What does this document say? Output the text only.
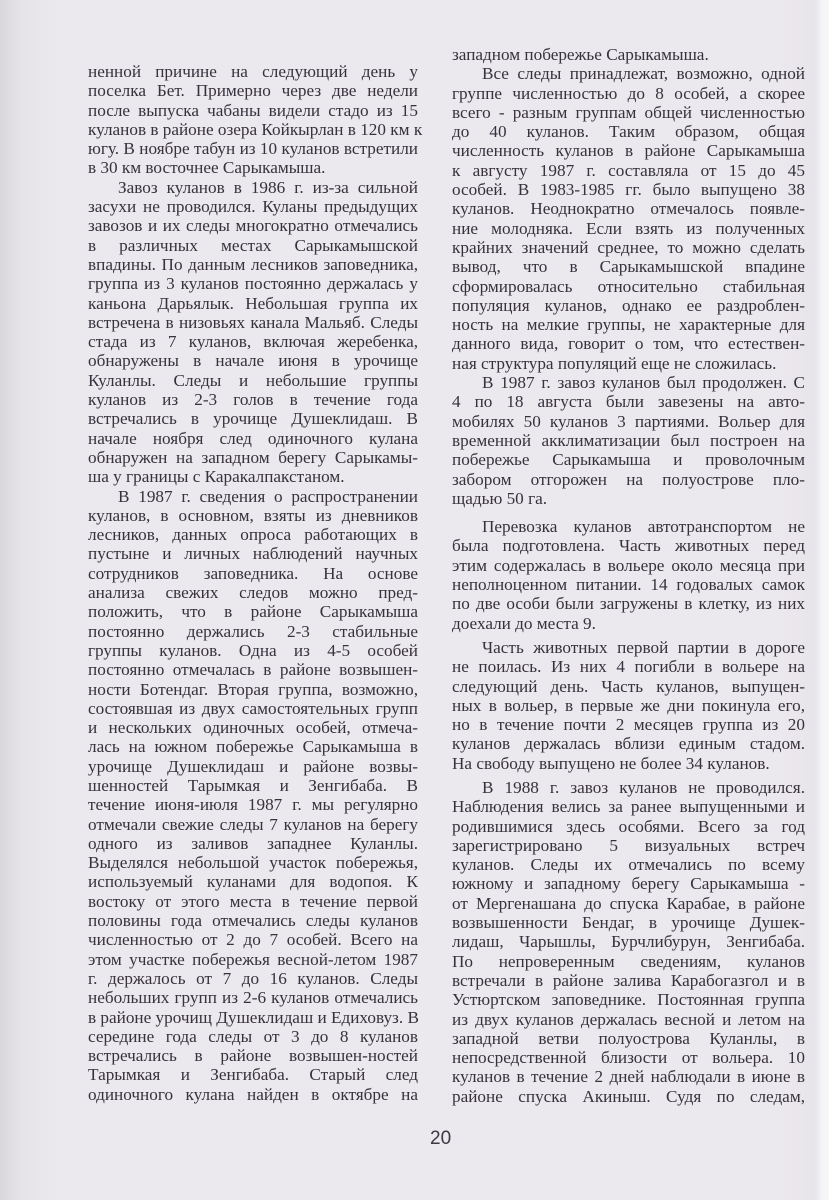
ненной причине на следующий день у
поселка Бет. Примерно через две недели
после выпуска чабаны видели стадо из 15
куланов в районе озера Койкырлан в 120 км к
югу. В ноябре табун из 10 куланов встретили
в 30 км восточнее Сарыкамыша.
Завоз куланов в 1986 г. из-за сильной
засухи не проводился. Куланы предыдущих
завозов и их следы многократно отмечались
в различных местах Сарыкамышской
впадины. По данным лесников заповедника,
группа из 3 куланов постоянно держалась у
каньона Дарьялык. Небольшая группа их
встречена в низовьях канала Мальяб. Следы
стада из 7 куланов, включая жеребенка,
обнаружены в начале июня в урочище
Куланлы. Следы и небольшие группы
куланов из 2-3 голов в течение года
встречались в урочище Душеклидаш. В
начале ноября след одиночного кулана
обнаружен на западном берегу Сарыкамы-
ша у границы с Каракалпакстаном.
В 1987 г. сведения о распространении
куланов, в основном, взяты из дневников
лесников, данных опроса работающих в
пустыне и личных наблюдений научных
сотрудников заповедника. На основе
анализа свежих следов можно пред-
положить, что в районе Сарыкамыша
постоянно держались 2-3 стабильные
группы куланов. Одна из 4-5 особей
постоянно отмечалась в районе возвышен-
ности Ботендаг. Вторая группа, возможно,
состоявшая из двух самостоятельных групп
и нескольких одиночных особей, отмеча-
лась на южном побережье Сарыкамыша в
урочище Душеклидаш и районе возвы-
шенностей Тарымкая и Зенгибаба. В
течение июня-июля 1987 г. мы регулярно
отмечали свежие следы 7 куланов на берегу
одного из заливов западнее Куланлы.
Выделялся небольшой участок побережья,
используемый куланами для водопоя. К
востоку от этого места в течение первой
половины года отмечались следы куланов
численностью от 2 до 7 особей. Всего на
этом участке побережья весной-летом 1987
г. держалось от 7 до 16 куланов. Следы
небольших групп из 2-6 куланов отмечались
в районе урочищ Душеклидаш и Едиховуз. В
середине года следы от 3 до 8 куланов
встречались в районе возвышен-ностей
Тарымкая и Зенгибаба. Старый след
одиночного кулана найден в октябре на
западном побережье Сарыкамыша.
Все следы принадлежат, возможно, одной
группе численностью до 8 особей, а скорее
всего - разным группам общей численностью
до 40 куланов. Таким образом, общая
численность куланов в районе Сарыкамыша
к августу 1987 г. составляла от 15 до 45
особей. В 1983-1985 гг. было выпущено 38
куланов. Неоднократно отмечалось появле-
ние молодняка. Если взять из полученных
крайних значений среднее, то можно сделать
вывод, что в Сарыкамышской впадине
сформировалась относительно стабильная
популяция куланов, однако ее раздроблен-
ность на мелкие группы, не характерные для
данного вида, говорит о том, что естествен-
ная структура популяций еще не сложилась.
В 1987 г. завоз куланов был продолжен. С
4 по 18 августа были завезены на авто-
мобилях 50 куланов 3 партиями. Вольер для
временной акклиматизации был построен на
побережье Сарыкамыша и проволочным
забором отгорожен на полуострове пло-
щадью 50 га.
Перевозка куланов автотранспортом не
была подготовлена. Часть животных перед
этим содержалась в вольере около месяца при
неполноценном питании. 14 годовалых самок
по две особи были загружены в клетку, из них
доехали до места 9.
Часть животных первой партии в дороге
не поилась. Из них 4 погибли в вольере на
следующий день. Часть куланов, выпущен-
ных в вольер, в первые же дни покинула его,
но в течение почти 2 месяцев группа из 20
куланов держалась вблизи единым стадом.
На свободу выпущено не более 34 куланов.
В 1988 г. завоз куланов не проводился.
Наблюдения велись за ранее выпущенными и
родившимися здесь особями. Всего за год
зарегистрировано 5 визуальных встреч
куланов. Следы их отмечались по всему
южному и западному берегу Сарыкамыша -
от Мергенашана до спуска Карабае, в районе
возвышенности Бендаг, в урочище Душек-
лидаш, Чарышлы, Бурчлибурун, Зенгибаба.
По непроверенным сведениям, куланов
встречали в районе залива Карабогазгол и в
Устюртском заповеднике. Постоянная группа
из двух куланов держалась весной и летом на
западной ветви полуострова Куланлы, в
непосредственной близости от вольера. 10
куланов в течение 2 дней наблюдали в июне в
районе спуска Акиныш. Судя по следам,
20
